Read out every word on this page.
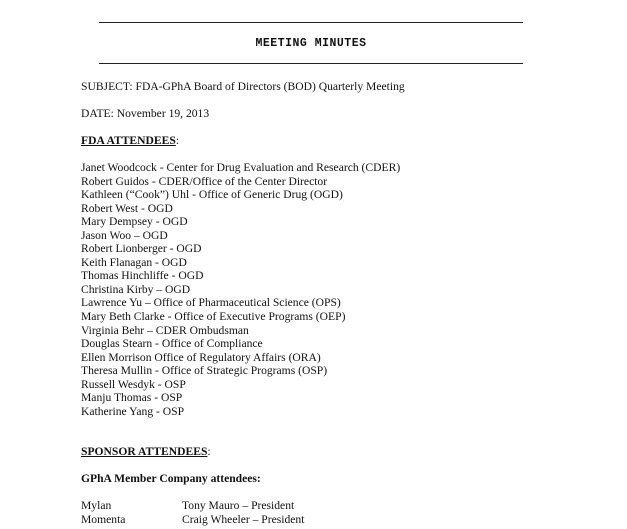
MEETING MINUTES
SUBJECT: FDA-GPhA Board of Directors (BOD) Quarterly Meeting
DATE: November 19, 2013
FDA ATTENDEES:
Janet Woodcock - Center for Drug Evaluation and Research (CDER)
Robert Guidos - CDER/Office of the Center Director
Kathleen (“Cook”) Uhl - Office of Generic Drug (OGD)
Robert West - OGD
Mary Dempsey - OGD
Jason Woo – OGD
Robert Lionberger - OGD
Keith Flanagan - OGD
Thomas Hinchliffe - OGD
Christina Kirby – OGD
Lawrence Yu – Office of Pharmaceutical Science (OPS)
Mary Beth Clarke - Office of Executive Programs (OEP)
Virginia Behr – CDER Ombudsman
Douglas Stearn - Office of Compliance
Ellen Morrison Office of Regulatory Affairs (ORA)
Theresa Mullin - Office of Strategic Programs (OSP)
Russell Wesdyk - OSP
Manju Thomas - OSP
Katherine Yang - OSP
SPONSOR ATTENDEES:
GPhA Member Company attendees:
Mylan	Tony Mauro – President
Momenta	Craig Wheeler – President
